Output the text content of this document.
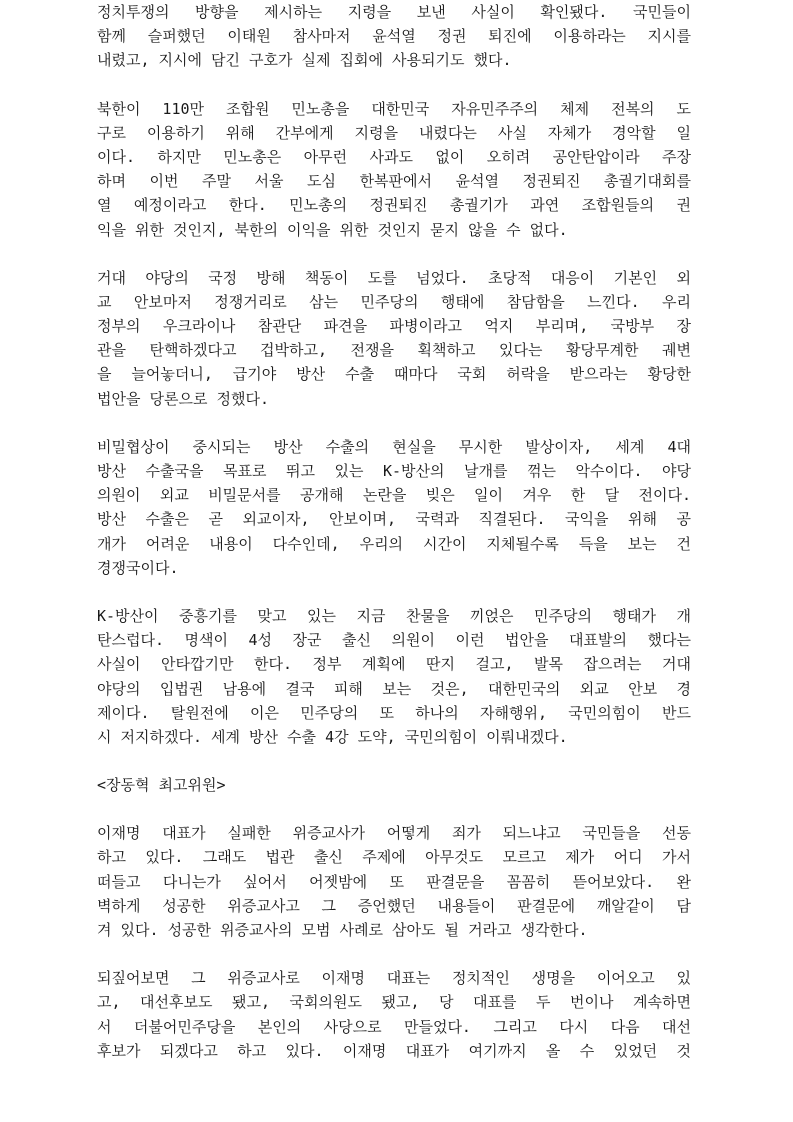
정치투쟁의 방향을 제시하는 지령을 보낸 사실이 확인됐다. 국민들이
함께 슬퍼했던 이태원 참사마저 윤석열 정권 퇴진에 이용하라는 지시를
내렸고, 지시에 담긴 구호가 실제 집회에 사용되기도 했다.
북한이 110만 조합원 민노총을 대한민국 자유민주주의 체제 전복의 도
구로 이용하기 위해 간부에게 지령을 내렸다는 사실 자체가 경악할 일
이다. 하지만 민노총은 아무런 사과도 없이 오히려 공안탄압이라 주장
하며 이번 주말 서울 도심 한복판에서 윤석열 정권퇴진 총궐기대회를
열 예정이라고 한다. 민노총의 정권퇴진 총궐기가 과연 조합원들의 권
익을 위한 것인지, 북한의 이익을 위한 것인지 묻지 않을 수 없다.
거대 야당의 국정 방해 책동이 도를 넘었다. 초당적 대응이 기본인 외
교 안보마저 정쟁거리로 삼는 민주당의 행태에 참담함을 느낀다. 우리
정부의 우크라이나 참관단 파견을 파병이라고 억지 부리며, 국방부 장
관을 탄핵하겠다고 겁박하고, 전쟁을 획책하고 있다는 황당무계한 궤변
을 늘어놓더니, 급기야 방산 수출 때마다 국회 허락을 받으라는 황당한
법안을 당론으로 정했다.
비밀협상이 중시되는 방산 수출의 현실을 무시한 발상이자, 세계 4대
방산 수출국을 목표로 뛰고 있는 K-방산의 날개를 꺾는 악수이다. 야당
의원이 외교 비밀문서를 공개해 논란을 빚은 일이 겨우 한 달 전이다.
방산 수출은 곧 외교이자, 안보이며, 국력과 직결된다. 국익을 위해 공
개가 어려운 내용이 다수인데, 우리의 시간이 지체될수록 득을 보는 건
경쟁국이다.
K-방산이 중흥기를 맞고 있는 지금 찬물을 끼얹은 민주당의 행태가 개
탄스럽다. 명색이 4성 장군 출신 의원이 이런 법안을 대표발의 했다는
사실이 안타깝기만 한다. 정부 계획에 딴지 걸고, 발목 잡으려는 거대
야당의 입법권 남용에 결국 피해 보는 것은, 대한민국의 외교 안보 경
제이다. 탈원전에 이은 민주당의 또 하나의 자해행위, 국민의힘이 반드
시 저지하겠다. 세계 방산 수출 4강 도약, 국민의힘이 이뤄내겠다.
<장동혁 최고위원>
이재명 대표가 실패한 위증교사가 어떻게 죄가 되느냐고 국민들을 선동
하고 있다. 그래도 법관 출신 주제에 아무것도 모르고 제가 어디 가서
떠들고 다니는가 싶어서 어젯밤에 또 판결문을 꼼꼼히 뜯어보았다. 완
벽하게 성공한 위증교사고 그 증언했던 내용들이 판결문에 깨알같이 담
겨 있다. 성공한 위증교사의 모범 사례로 삼아도 될 거라고 생각한다.
되짚어보면 그 위증교사로 이재명 대표는 정치적인 생명을 이어오고 있
고, 대선후보도 됐고, 국회의원도 됐고, 당 대표를 두 번이나 계속하면
서 더불어민주당을 본인의 사당으로 만들었다. 그리고 다시 다음 대선
후보가 되겠다고 하고 있다. 이재명 대표가 여기까지 올 수 있었던 것
